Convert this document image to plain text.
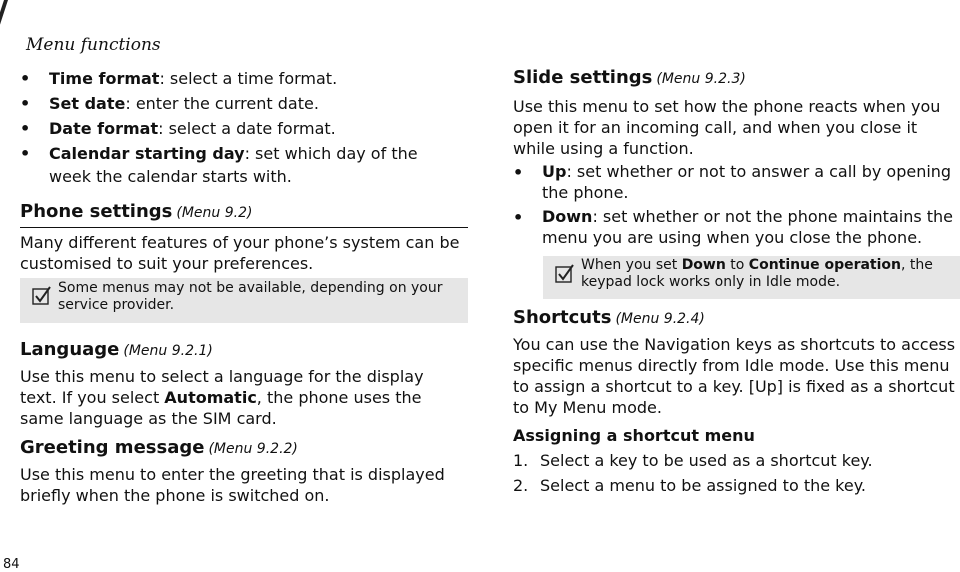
Menu functions
• Time format: select a time format.
• Set date: enter the current date.
• Date format: select a date format.
• Calendar starting day: set which day of the week the calendar starts with.
Phone settings (Menu 9.2)
Many different features of your phone’s system can be customised to suit your preferences.
Some menus may not be available, depending on your service provider.
Language (Menu 9.2.1)
Use this menu to select a language for the display text. If you select Automatic, the phone uses the same language as the SIM card.
Greeting message (Menu 9.2.2)
Use this menu to enter the greeting that is displayed briefly when the phone is switched on.
Slide settings (Menu 9.2.3)
Use this menu to set how the phone reacts when you open it for an incoming call, and when you close it while using a function.
• Up: set whether or not to answer a call by opening the phone.
• Down: set whether or not the phone maintains the menu you are using when you close the phone.
When you set Down to Continue operation, the keypad lock works only in Idle mode.
Shortcuts (Menu 9.2.4)
You can use the Navigation keys as shortcuts to access specific menus directly from Idle mode. Use this menu to assign a shortcut to a key. [Up] is fixed as a shortcut to My Menu mode.
Assigning a shortcut menu
1. Select a key to be used as a shortcut key.
2. Select a menu to be assigned to the key.
84
